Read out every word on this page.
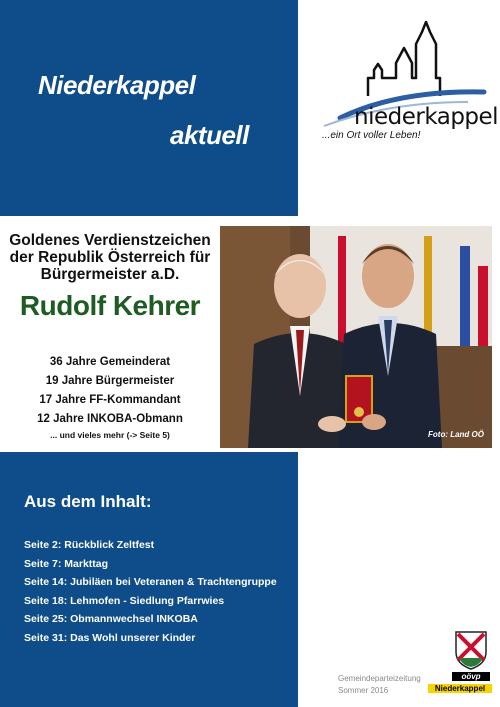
Niederkappel
aktuell
niederkappel
...ein Ort voller Leben!
Goldenes Verdienstzeichen
der Republik Österreich für
Bürgermeister a.D.
Rudolf Kehrer
36 Jahre Gemeinderat
19 Jahre Bürgermeister
17 Jahre FF-Kommandant
12 Jahre INKOBA-Obmann
... und vieles mehr (-> Seite 5)	Foto: Land OÖ
Aus dem Inhalt:
Seite 2: Rückblick Zeltfest
Seite 7: Markttag
Seite 14: Jubiläen bei Veteranen & Trachtengruppe
Seite 18: Lehmofen - Siedlung Pfarrwies
Seite 25: Obmannwechsel INKOBA
Seite 31: Das Wohl unserer Kinder
Gemeindeparteizeitung
Sommer 2016
oövp
Niederkappel
